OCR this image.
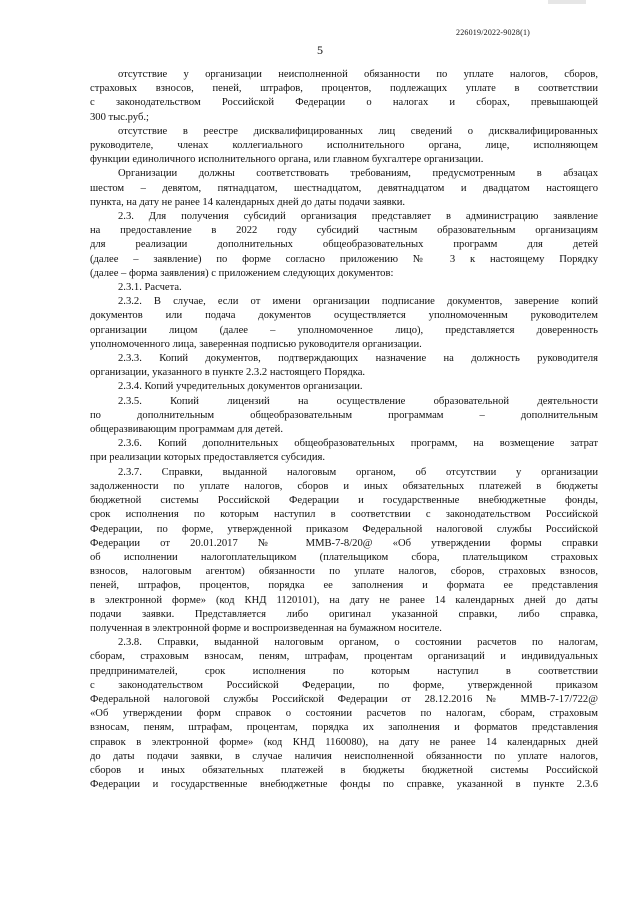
226019/2022-9028(1)
5
отсутствие у организации неисполненной обязанности по уплате налогов, сборов,
страховых взносов, пеней, штрафов, процентов, подлежащих уплате в соответствии
с законодательством Российской Федерации о налогах и сборах, превышающей
300 тыс.руб.;
отсутствие в реестре дисквалифицированных лиц сведений о дисквалифицированных
руководителе, членах коллегиального исполнительного органа, лице, исполняющем
функции единоличного исполнительного органа, или главном бухгалтере организации.
Организации должны соответствовать требованиям, предусмотренным в абзацах
шестом – девятом, пятнадцатом, шестнадцатом, девятнадцатом и двадцатом настоящего
пункта, на дату не ранее 14 календарных дней до даты подачи заявки.
2.3. Для получения субсидий организация представляет в администрацию заявление
на предоставление в 2022 году субсидий частным образовательным организациям
для реализации дополнительных общеобразовательных программ для детей
(далее – заявление) по форме согласно приложению № 3 к настоящему Порядку
(далее – форма заявления) с приложением следующих документов:
2.3.1. Расчета.
2.3.2. В случае, если от имени организации подписание документов, заверение копий
документов или подача документов осуществляется уполномоченным руководителем
организации лицом (далее – уполномоченное лицо), представляется доверенность
уполномоченного лица, заверенная подписью руководителя организации.
2.3.3. Копий документов, подтверждающих назначение на должность руководителя
организации, указанного в пункте 2.3.2 настоящего Порядка.
2.3.4. Копий учредительных документов организации.
2.3.5. Копий лицензий на осуществление образовательной деятельности
по дополнительным общеобразовательным программам – дополнительным
общеразвивающим программам для детей.
2.3.6. Копий дополнительных общеобразовательных программ, на возмещение затрат
при реализации которых предоставляется субсидия.
2.3.7. Справки, выданной налоговым органом, об отсутствии у организации
задолженности по уплате налогов, сборов и иных обязательных платежей в бюджеты
бюджетной системы Российской Федерации и государственные внебюджетные фонды,
срок исполнения по которым наступил в соответствии с законодательством Российской
Федерации, по форме, утвержденной приказом Федеральной налоговой службы Российской
Федерации от 20.01.2017 № ММВ-7-8/20@ «Об утверждении формы справки
об исполнении налогоплательщиком (плательщиком сбора, плательщиком страховых
взносов, налоговым агентом) обязанности по уплате налогов, сборов, страховых взносов,
пеней, штрафов, процентов, порядка ее заполнения и формата ее представления
в электронной форме» (код КНД 1120101), на дату не ранее 14 календарных дней до даты
подачи заявки. Представляется либо оригинал указанной справки, либо справка,
полученная в электронной форме и воспроизведенная на бумажном носителе.
2.3.8. Справки, выданной налоговым органом, о состоянии расчетов по налогам,
сборам, страховым взносам, пеням, штрафам, процентам организаций и индивидуальных
предпринимателей, срок исполнения по которым наступил в соответствии
с законодательством Российской Федерации, по форме, утвержденной приказом
Федеральной налоговой службы Российской Федерации от 28.12.2016 № ММВ-7-17/722@
«Об утверждении форм справок о состоянии расчетов по налогам, сборам, страховым
взносам, пеням, штрафам, процентам, порядка их заполнения и форматов представления
справок в электронной форме» (код КНД 1160080), на дату не ранее 14 календарных дней
до даты подачи заявки, в случае наличия неисполненной обязанности по уплате налогов,
сборов и иных обязательных платежей в бюджеты бюджетной системы Российской
Федерации и государственные внебюджетные фонды по справке, указанной в пункте 2.3.6
